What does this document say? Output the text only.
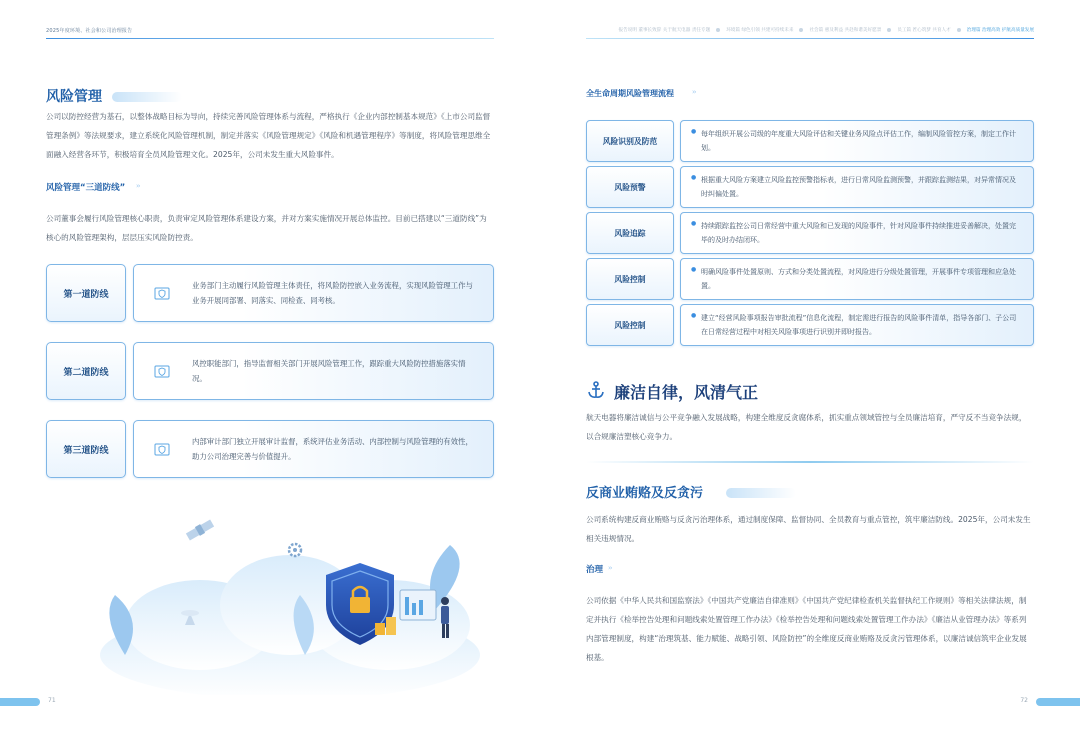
2025年度环境、社会和公司治理报告	报告说明 董事长致辞 关于航天电器 责任专题	环境篇 绿色引领 共建可持续未来	社会篇 惠及利益 共赴和谐美好愿景	员工篇 匠心筑梦 共育人才	治理篇 治理高效 护航高质量发展
风险管理
公司以防控经营为基石，以整体战略目标为导向，持续完善风险管理体系与流程，严格执行《企业内部控制基本规范》《上市公司监督管理条例》等法规要求，建立系统化风险管理机制，制定并落实《风险管理规定》《风险和机遇管理程序》等制度，将风险管理思维全面融入经营各环节，积极培育全员风险管理文化。2025年，公司未发生重大风险事件。
风险管理“三道防线” ››
公司董事会履行风险管理核心职责，负责审定风险管理体系建设方案，并对方案实施情况开展总体监控。目前已搭建以“三道防线”为核心的风险管理架构，层层压实风险防控责。
第一道防线
业务部门主动履行风险管理主体责任，将风险防控嵌入业务流程，实现风险管理工作与业务开展同部署、同落实、同检查、同考核。
第二道防线
风控职能部门，指导监督相关部门开展风险管理工作，跟踪重大风险防控措施落实情况。
第三道防线
内部审计部门独立开展审计监督，系统评估业务活动、内部控制与风险管理的有效性，助力公司治理完善与价值提升。
71
全生命周期风险管理流程	››
风险识别及防范
● 每年组织开展公司级的年度重大风险评估和关键业务风险点评估工作，编制风险管控方案，制定工作计划。
风险预警
● 根据重大风险方案建立风险监控预警指标表，进行日常风险监测预警，并跟踪监测结果，对异常情况及时纠偏处置。
风险追踪
● 持续跟踪监控公司日常经营中重大风险和已发现的风险事件，针对风险事件持续推进妥善解决，处置完毕的及时办结闭环。
风险控制
● 明确风险事件处置原则、方式和分类处置流程，对风险进行分级处置管理，开展事件专项管理和应急处置。
风险控制
● 建立“经营风险事项报告审批流程”信息化流程，制定需进行报告的风险事件清单，指导各部门、子公司在日常经营过程中对相关风险事项进行识别并即时报告。
廉洁自律，风清气正
航天电器将廉洁诚信与公平竞争融入发展战略，构建全维度反贪腐体系，抓实重点领域管控与全员廉洁培育，严守反不当竞争法规，以合规廉洁塑核心竞争力。
反商业贿赂及反贪污
公司系统构建反商业贿赂与反贪污治理体系，通过制度保障、监督协同、全员教育与重点管控，筑牢廉洁防线。2025年，公司未发生相关违规情况。
治理 ››
公司依据《中华人民共和国监察法》《中国共产党廉洁自律准则》《中国共产党纪律检查机关监督执纪工作规则》等相关法律法规，制定并执行《检举控告处理和问题线索处置管理工作办法》《检举控告处理和问题线索处置管理工作办法》《廉洁从业管理办法》等系列内部管理制度，构建“治理筑基、能力赋能、战略引领、风险防控”的全维度反商业贿赂及反贪污管理体系，以廉洁诚信筑牢企业发展根基。
72
